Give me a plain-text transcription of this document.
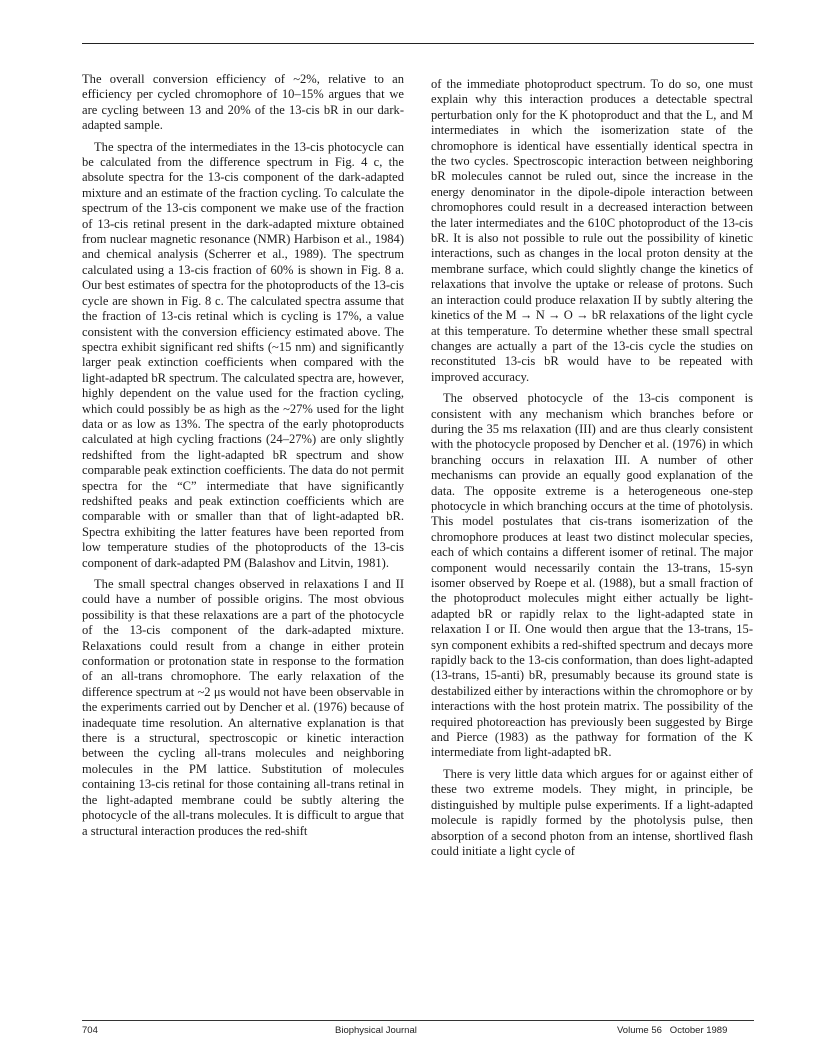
The overall conversion efficiency of ~2%, relative to an efficiency per cycled chromophore of 10–15% argues that we are cycling between 13 and 20% of the 13-cis bR in our dark-adapted sample.

The spectra of the intermediates in the 13-cis photocycle can be calculated from the difference spectrum in Fig. 4 c, the absolute spectra for the 13-cis component of the dark-adapted mixture and an estimate of the fraction cycling. To calculate the spectrum of the 13-cis component we make use of the fraction of 13-cis retinal present in the dark-adapted mixture obtained from nuclear magnetic resonance (NMR) Harbison et al., 1984) and chemical analysis (Scherrer et al., 1989). The spectrum calculated using a 13-cis fraction of 60% is shown in Fig. 8 a. Our best estimates of spectra for the photoproducts of the 13-cis cycle are shown in Fig. 8 c. The calculated spectra assume that the fraction of 13-cis retinal which is cycling is 17%, a value consistent with the conversion efficiency estimated above. The spectra exhibit significant red shifts (~15 nm) and significantly larger peak extinction coefficients when compared with the light-adapted bR spectrum. The calculated spectra are, however, highly dependent on the value used for the fraction cycling, which could possibly be as high as the ~27% used for the light data or as low as 13%. The spectra of the early photoproducts calculated at high cycling fractions (24–27%) are only slightly redshifted from the light-adapted bR spectrum and show comparable peak extinction coefficients. The data do not permit spectra for the “C” intermediate that have significantly redshifted peaks and peak extinction coefficients which are comparable with or smaller than that of light-adapted bR. Spectra exhibiting the latter features have been reported from low temperature studies of the photoproducts of the 13-cis component of dark-adapted PM (Balashov and Litvin, 1981).

The small spectral changes observed in relaxations I and II could have a number of possible origins. The most obvious possibility is that these relaxations are a part of the photocycle of the 13-cis component of the dark-adapted mixture. Relaxations could result from a change in either protein conformation or protonation state in response to the formation of an all-trans chromophore. The early relaxation of the difference spectrum at ~2 μs would not have been observable in the experiments carried out by Dencher et al. (1976) because of inadequate time resolution. An alternative explanation is that there is a structural, spectroscopic or kinetic interaction between the cycling all-trans molecules and neighboring molecules in the PM lattice. Substitution of molecules containing 13-cis retinal for those containing all-trans retinal in the light-adapted membrane could be subtly altering the photocycle of the all-trans molecules. It is difficult to argue that a structural interaction produces the red-shift

of the immediate photoproduct spectrum. To do so, one must explain why this interaction produces a detectable spectral perturbation only for the K photoproduct and that the L, and M intermediates in which the isomerization state of the chromophore is identical have essentially identical spectra in the two cycles. Spectroscopic interaction between neighboring bR molecules cannot be ruled out, since the increase in the energy denominator in the dipole-dipole interaction between chromophores could result in a decreased interaction between the later intermediates and the 610C photoproduct of the 13-cis bR. It is also not possible to rule out the possibility of kinetic interactions, such as changes in the local proton density at the membrane surface, which could slightly change the kinetics of relaxations that involve the uptake or release of protons. Such an interaction could produce relaxation II by subtly altering the kinetics of the M → N → O → bR relaxations of the light cycle at this temperature. To determine whether these small spectral changes are actually a part of the 13-cis cycle the studies on reconstituted 13-cis bR would have to be repeated with improved accuracy.

The observed photocycle of the 13-cis component is consistent with any mechanism which branches before or during the 35 ms relaxation (III) and are thus clearly consistent with the photocycle proposed by Dencher et al. (1976) in which branching occurs in relaxation III. A number of other mechanisms can provide an equally good explanation of the data. The opposite extreme is a heterogeneous one-step photocycle in which branching occurs at the time of photolysis. This model postulates that cis-trans isomerization of the chromophore produces at least two distinct molecular species, each of which contains a different isomer of retinal. The major component would necessarily contain the 13-trans, 15-syn isomer observed by Roepe et al. (1988), but a small fraction of the photoproduct molecules might either actually be light-adapted bR or rapidly relax to the light-adapted state in relaxation I or II. One would then argue that the 13-trans, 15-syn component exhibits a red-shifted spectrum and decays more rapidly back to the 13-cis conformation, than does light-adapted (13-trans, 15-anti) bR, presumably because its ground state is destabilized either by interactions within the chromophore or by interactions with the host protein matrix. The possibility of the required photoreaction has previously been suggested by Birge and Pierce (1983) as the pathway for formation of the K intermediate from light-adapted bR.

There is very little data which argues for or against either of these two extreme models. They might, in principle, be distinguished by multiple pulse experiments. If a light-adapted molecule is rapidly formed by the photolysis pulse, then absorption of a second photon from an intense, shortlived flash could initiate a light cycle of

704	Biophysical Journal	Volume 56   October 1989
